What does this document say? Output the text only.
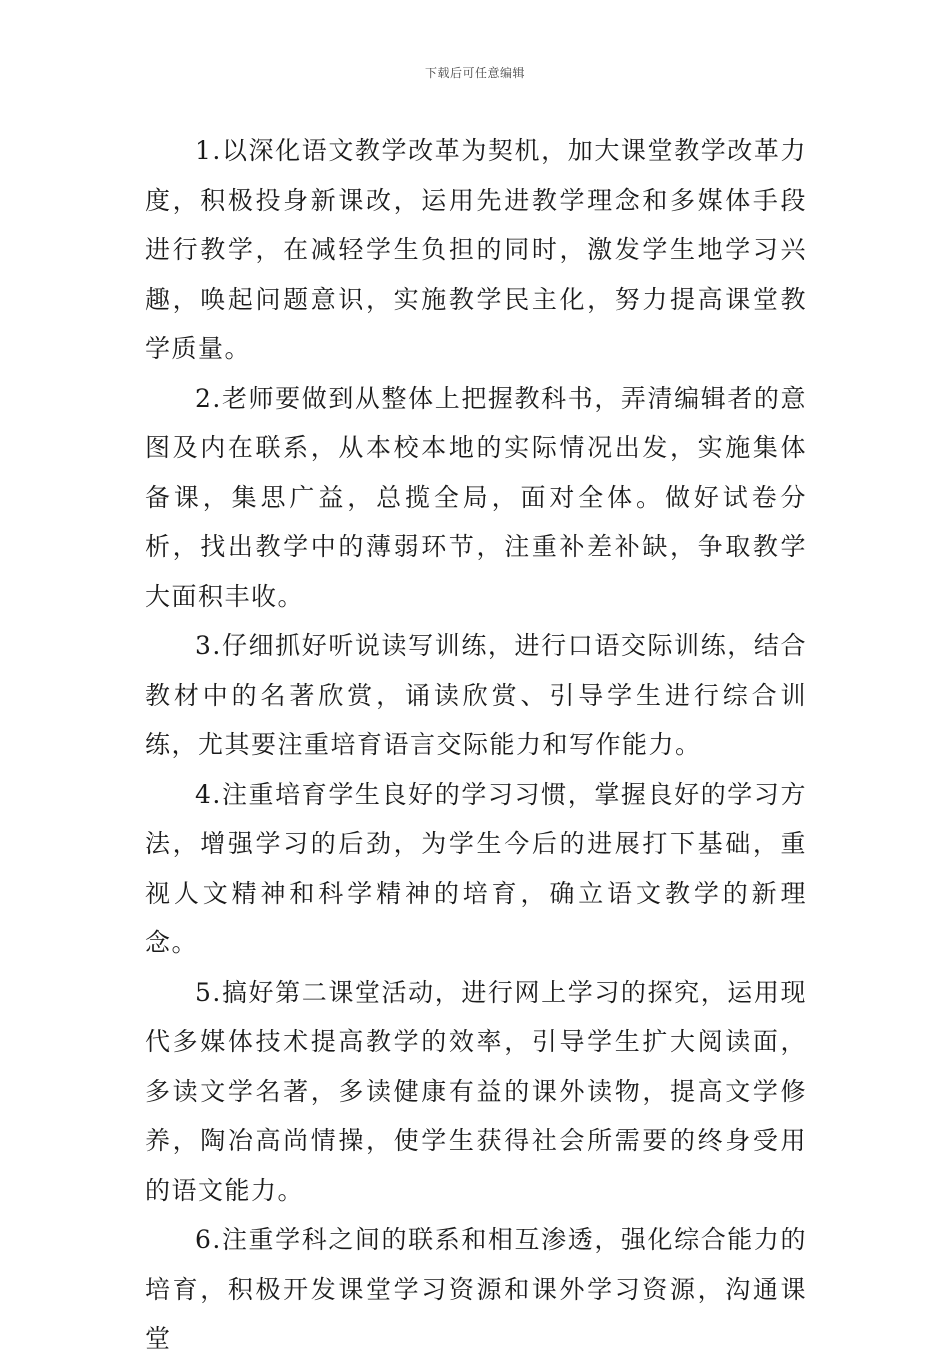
下载后可任意编辑

1.以深化语文教学改革为契机，加大课堂教学改革力度，积极投身新课改，运用先进教学理念和多媒体手段进行教学，在减轻学生负担的同时，激发学生地学习兴趣，唤起问题意识，实施教学民主化，努力提高课堂教学质量。

2.老师要做到从整体上把握教科书，弄清编辑者的意图及内在联系，从本校本地的实际情况出发，实施集体备课，集思广益，总揽全局，面对全体。做好试卷分析，找出教学中的薄弱环节，注重补差补缺，争取教学大面积丰收。

3.仔细抓好听说读写训练，进行口语交际训练，结合教材中的名著欣赏，诵读欣赏、引导学生进行综合训练，尤其要注重培育语言交际能力和写作能力。

4.注重培育学生良好的学习习惯，掌握良好的学习方法，增强学习的后劲，为学生今后的进展打下基础，重视人文精神和科学精神的培育，确立语文教学的新理念。

5.搞好第二课堂活动，进行网上学习的探究，运用现代多媒体技术提高教学的效率，引导学生扩大阅读面，多读文学名著，多读健康有益的课外读物，提高文学修养，陶冶高尚情操，使学生获得社会所需要的终身受用的语文能力。

6.注重学科之间的联系和相互渗透，强化综合能力的培育，积极开发课堂学习资源和课外学习资源，沟通课堂
